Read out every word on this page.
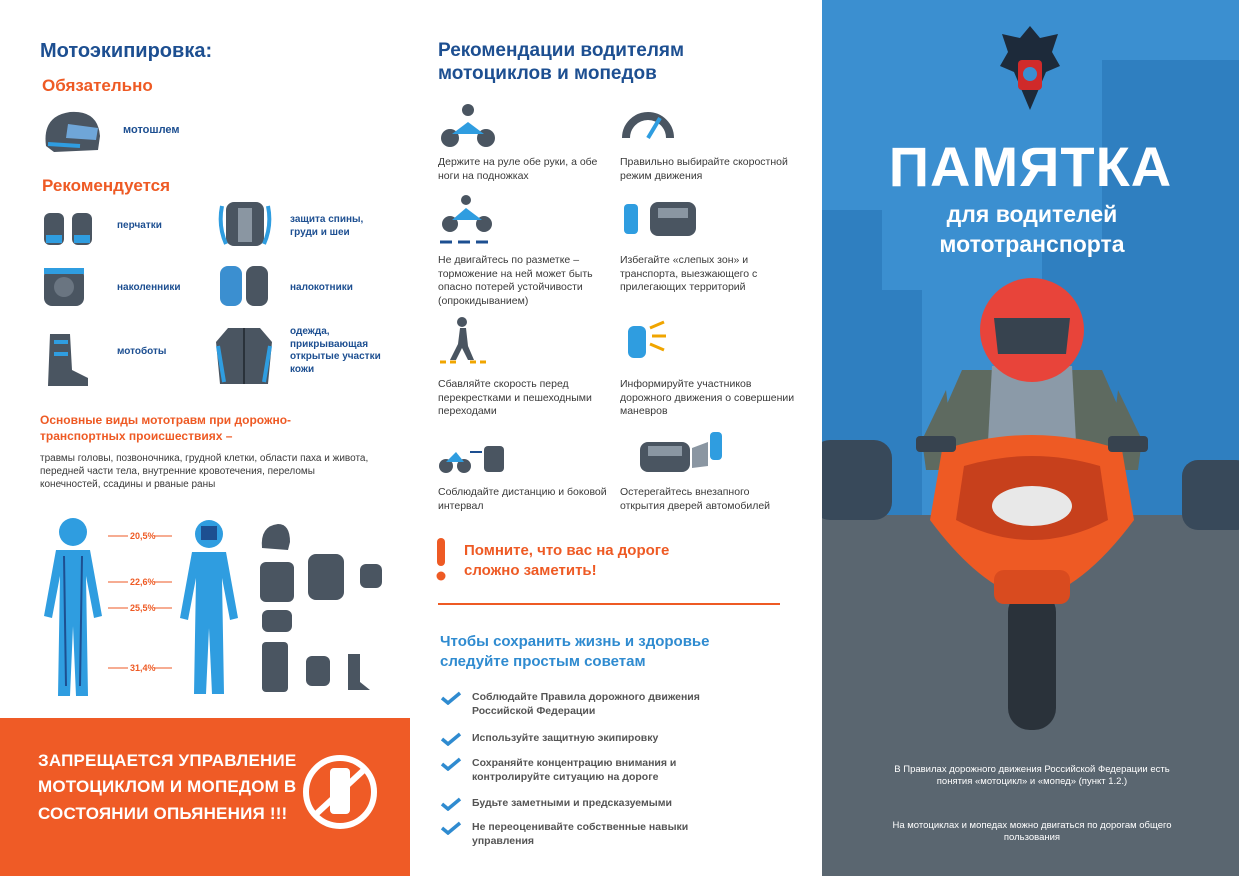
Мотоэкипировка:
Обязательно
мотошлем
Рекомендуется
перчатки
защита спины, груди и шеи
наколенники	налокотники
мотоботы
одежда, прикрывающая открытые участки кожи
Основные виды мототравм при дорожно-транспортных происшествиях –
травмы головы, позвоночника, грудной клетки, области паха и живота, передней части тела, внутренние кровотечения, переломы конечностей, ссадины и рваные раны
20,5%
22,6%
25,5%
31,4%
ЗАПРЕЩАЕТСЯ УПРАВЛЕНИЕ МОТОЦИКЛОМ И МОПЕДОМ В СОСТОЯНИИ ОПЬЯНЕНИЯ !!!
Рекомендации водителям мотоциклов и мопедов
Держите на руле обе руки, а обе ноги на подножках
Правильно выбирайте скоростной режим движения
Не двигайтесь по разметке – торможение на ней может быть опасно потерей устойчивости (опрокидыванием)
Избегайте «слепых зон» и транспорта, выезжающего с прилегающих территорий
Сбавляйте скорость перед перекрестками и пешеходными переходами
Информируйте участников дорожного движения о совершении маневров
Соблюдайте дистанцию и боковой интервал
Остерегайтесь внезапного открытия дверей автомобилей
Помните, что вас на дороге сложно заметить!
Чтобы сохранить жизнь и здоровье следуйте простым советам
Соблюдайте Правила дорожного движения Российской Федерации
Используйте защитную экипировку
Сохраняйте концентрацию внимания и контролируйте ситуацию на дороге
Будьте заметными и предсказуемыми
Не переоценивайте собственные навыки управления
ПАМЯТКА
для водителей мототранспорта
В Правилах дорожного движения Российской Федерации есть понятия «мотоцикл» и «мопед» (пункт 1.2.)
На мотоциклах и мопедах можно двигаться по дорогам общего пользования
